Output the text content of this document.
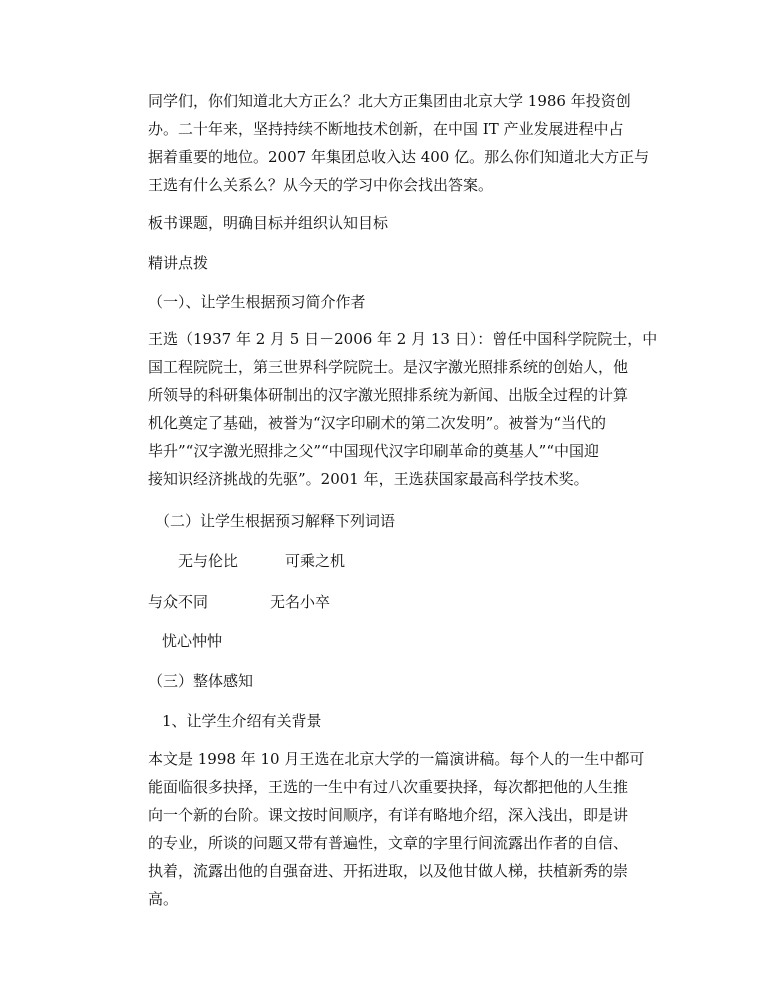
同学们，你们知道北大方正么？北大方正集团由北京大学 1986 年投资创
办。二十年来，坚持持续不断地技术创新，在中国 IT 产业发展进程中占
据着重要的地位。2007 年集团总收入达 400 亿。那么你们知道北大方正与
王选有什么关系么？从今天的学习中你会找出答案。
板书课题，明确目标并组织认知目标
精讲点拨
（一）、让学生根据预习简介作者
王选（1937 年 2 月 5 日－2006 年 2 月 13 日）：曾任中国科学院院士，中
国工程院院士，第三世界科学院院士。是汉字激光照排系统的创始人，他
所领导的科研集体研制出的汉字激光照排系统为新闻、出版全过程的计算
机化奠定了基础，被誉为“汉字印刷术的第二次发明”。被誉为“当代的
毕升”“汉字激光照排之父”“中国现代汉字印刷革命的奠基人”“中国迎
接知识经济挑战的先驱”。2001 年，王选获国家最高科学技术奖。
（二）让学生根据预习解释下列词语
无与伦比	可乘之机
与众不同	无名小卒
忧心忡忡
（三）整体感知
1、让学生介绍有关背景
本文是 1998 年 10 月王选在北京大学的一篇演讲稿。每个人的一生中都可
能面临很多抉择，王选的一生中有过八次重要抉择，每次都把他的人生推
向一个新的台阶。课文按时间顺序，有详有略地介绍，深入浅出，即是讲
的专业，所谈的问题又带有普遍性，文章的字里行间流露出作者的自信、
执着，流露出他的自强奋进、开拓进取，以及他甘做人梯，扶植新秀的崇
高。
